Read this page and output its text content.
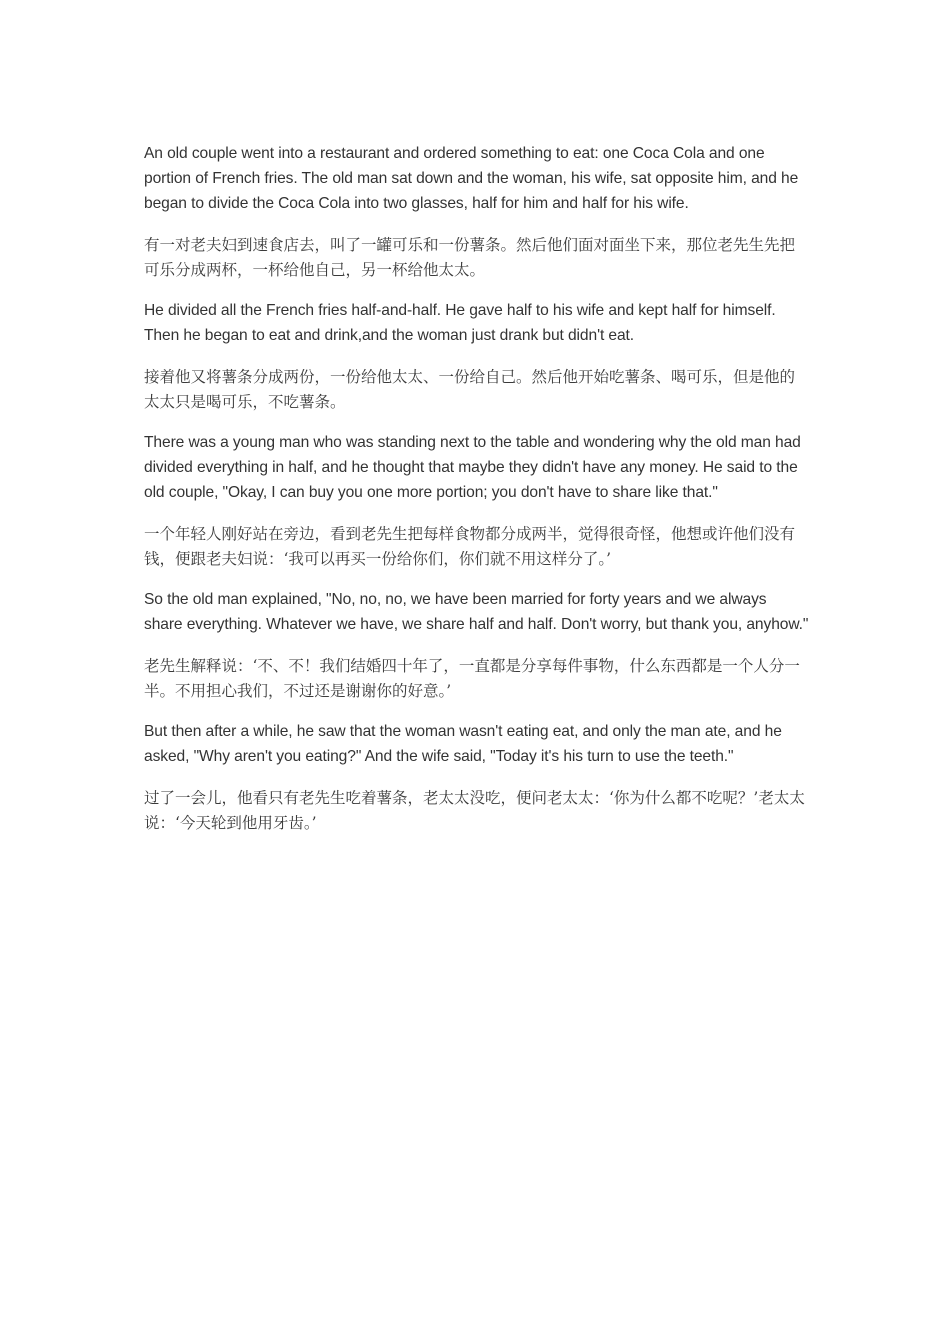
An old couple went into a restaurant and ordered something to eat: one Coca Cola and one portion of French fries. The old man sat down and the woman, his wife, sat opposite him, and he began to divide the Coca Cola into two glasses, half for him and half for his wife.

有一对老夫妇到速食店去，叫了一罐可乐和一份薯条。然后他们面对面坐下来，那位老先生先把可乐分成两杯，一杯给他自己，另一杯给他太太。

He divided all the French fries half-and-half. He gave half to his wife and kept half for himself. Then he began to eat and drink,and the woman just drank but didn't eat.

接着他又将薯条分成两份，一份给他太太、一份给自己。然后他开始吃薯条、喝可乐，但是他的太太只是喝可乐，不吃薯条。

There was a young man who was standing next to the table and wondering why the old man had divided everything in half, and he thought that maybe they didn't have any money. He said to the old couple, "Okay, I can buy you one more portion; you don't have to share like that."

一个年轻人刚好站在旁边，看到老先生把每样食物都分成两半，觉得很奇怪，他想或许他们没有钱，便跟老夫妇说：‘我可以再买一份给你们，你们就不用这样分了。’

So the old man explained, "No, no, no, we have been married for forty years and we always share everything. Whatever we have, we share half and half. Don't worry, but thank you, anyhow."

老先生解释说：‘不、不！我们结婚四十年了，一直都是分享每件事物，什么东西都是一个人分一半。不用担心我们，不过还是谢谢你的好意。’

But then after a while, he saw that the woman wasn't eating eat, and only the man ate, and he asked, "Why aren't you eating?" And the wife said, "Today it's his turn to use the teeth."

过了一会儿，他看只有老先生吃着薯条，老太太没吃，便问老太太：‘你为什么都不吃呢？’老太太说：‘今天轮到他用牙齿。’
